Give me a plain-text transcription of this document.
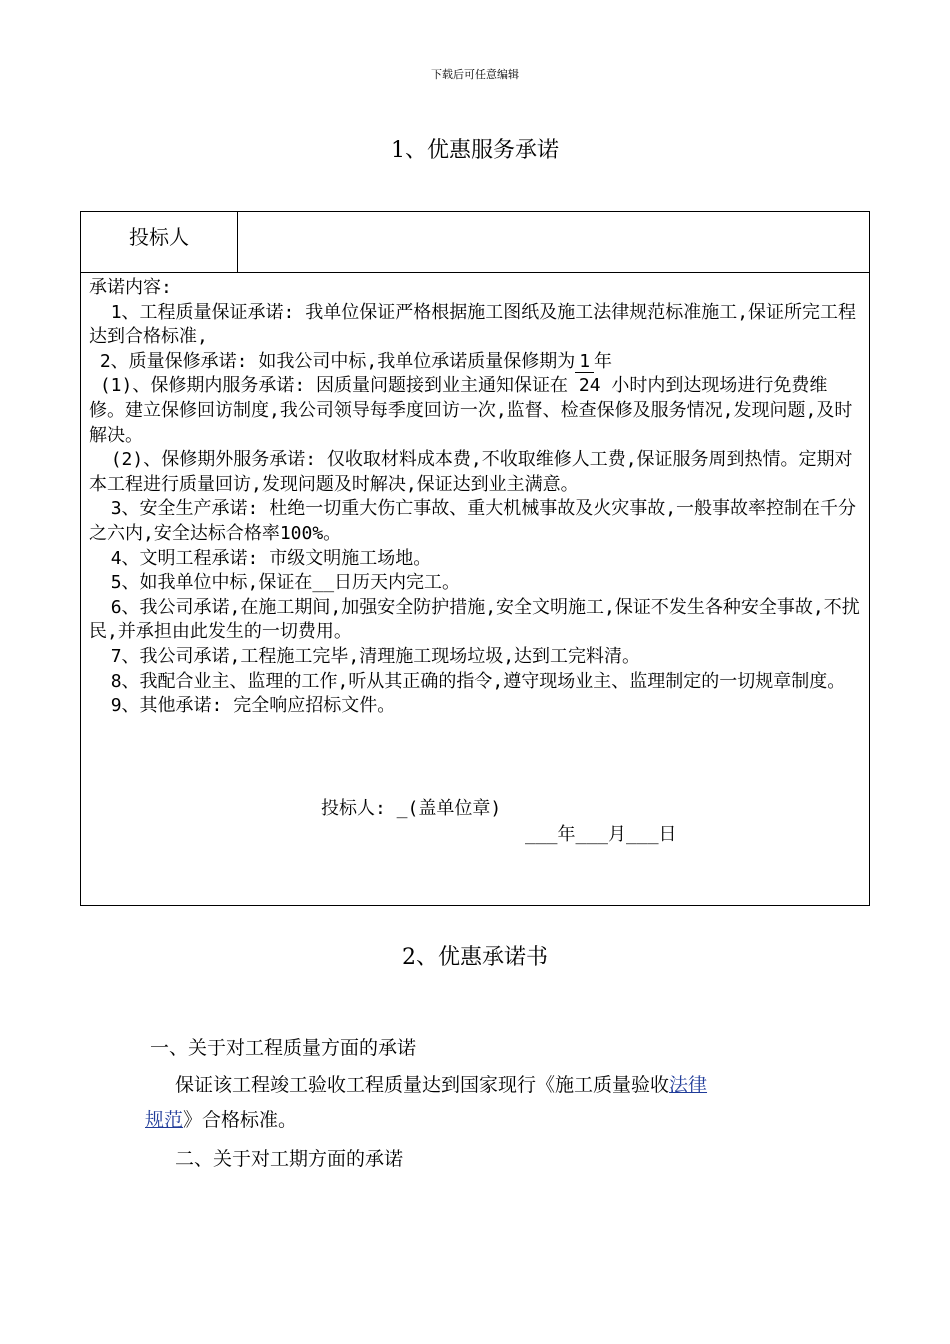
下载后可任意编辑
1、优惠服务承诺
投标人

承诺内容:

1、工程质量保证承诺: 我单位保证严格根据施工图纸及施工法律规范标准施工,保证所完工程达到合格标准,

2、质量保修承诺: 如我公司中标,我单位承诺质量保修期为 1 年

(1)、保修期内服务承诺: 因质量问题接到业主通知保证在 24 小时内到达现场进行免费维修。建立保修回访制度,我公司领导每季度回访一次,监督、检查保修及服务情况,发现问题,及时解决。

(2)、保修期外服务承诺: 仅收取材料成本费,不收取维修人工费,保证服务周到热情。定期对本工程进行质量回访,发现问题及时解决,保证达到业主满意。

3、安全生产承诺: 杜绝一切重大伤亡事故、重大机械事故及火灾事故,一般事故率控制在千分之六内,安全达标合格率100%。

4、文明工程承诺: 市级文明施工场地。

5、如我单位中标,保证在__日历天内完工。

6、我公司承诺,在施工期间,加强安全防护措施,安全文明施工,保证不发生各种安全事故,不扰民,并承担由此发生的一切费用。

7、我公司承诺,工程施工完毕,清理施工现场垃圾,达到工完料清。

8、我配合业主、监理的工作,听从其正确的指令,遵守现场业主、监理制定的一切规章制度。

9、其他承诺: 完全响应招标文件。

投标人: _(盖单位章)
___年___月___日
2、优惠承诺书
一、关于对工程质量方面的承诺
保证该工程竣工验收工程质量达到国家现行《施工质量验收法律
规范》合格标准。
二、关于对工期方面的承诺
